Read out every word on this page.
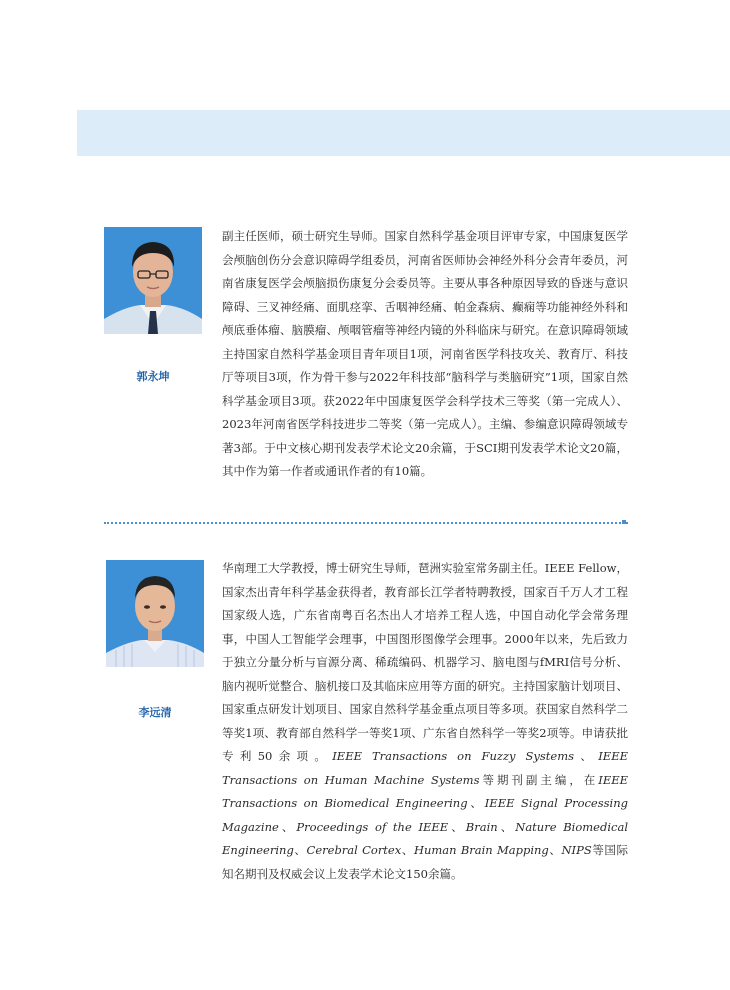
郭永坤
副主任医师，硕士研究生导师。国家自然科学基金项目评审专家，中国康复医学会颅脑创伤分会意识障碍学组委员，河南省医师协会神经外科分会青年委员，河南省康复医学会颅脑损伤康复分会委员等。主要从事各种原因导致的昏迷与意识障碍、三叉神经痛、面肌痉挛、舌咽神经痛、帕金森病、癫痫等功能神经外科和颅底垂体瘤、脑膜瘤、颅咽管瘤等神经内镜的外科临床与研究。在意识障碍领域主持国家自然科学基金项目青年项目1项，河南省医学科技攻关、教育厅、科技厅等项目3项，作为骨干参与2022年科技部“脑科学与类脑研究”1项，国家自然科学基金项目3项。获2022年中国康复医学会科学技术三等奖（第一完成人）、2023年河南省医学科技进步二等奖（第一完成人）。主编、参编意识障碍领域专著3部。于中文核心期刊发表学术论文20余篇，于SCI期刊发表学术论文20篇，其中作为第一作者或通讯作者的有10篇。
李远清
华南理工大学教授，博士研究生导师，琶洲实验室常务副主任。IEEE Fellow，国家杰出青年科学基金获得者，教育部长江学者特聘教授，国家百千万人才工程国家级人选，广东省南粤百名杰出人才培养工程人选，中国自动化学会常务理事，中国人工智能学会理事，中国图形图像学会理事。2000年以来，先后致力于独立分量分析与盲源分离、稀疏编码、机器学习、脑电图与fMRI信号分析、脑内视听觉整合、脑机接口及其临床应用等方面的研究。主持国家脑计划项目、国家重点研发计划项目、国家自然科学基金重点项目等多项。获国家自然科学二等奖1项、教育部自然科学一等奖1项、广东省自然科学一等奖2项等。申请获批专利50余项。IEEE Transactions on Fuzzy Systems、IEEE Transactions on Human Machine Systems等期刊副主编，在IEEE Transactions on Biomedical Engineering、IEEE Signal Processing Magazine、Proceedings of the IEEE、Brain、Nature Biomedical Engineering、Cerebral Cortex、Human Brain Mapping、NIPS等国际知名期刊及权威会议上发表学术论文150余篇。
